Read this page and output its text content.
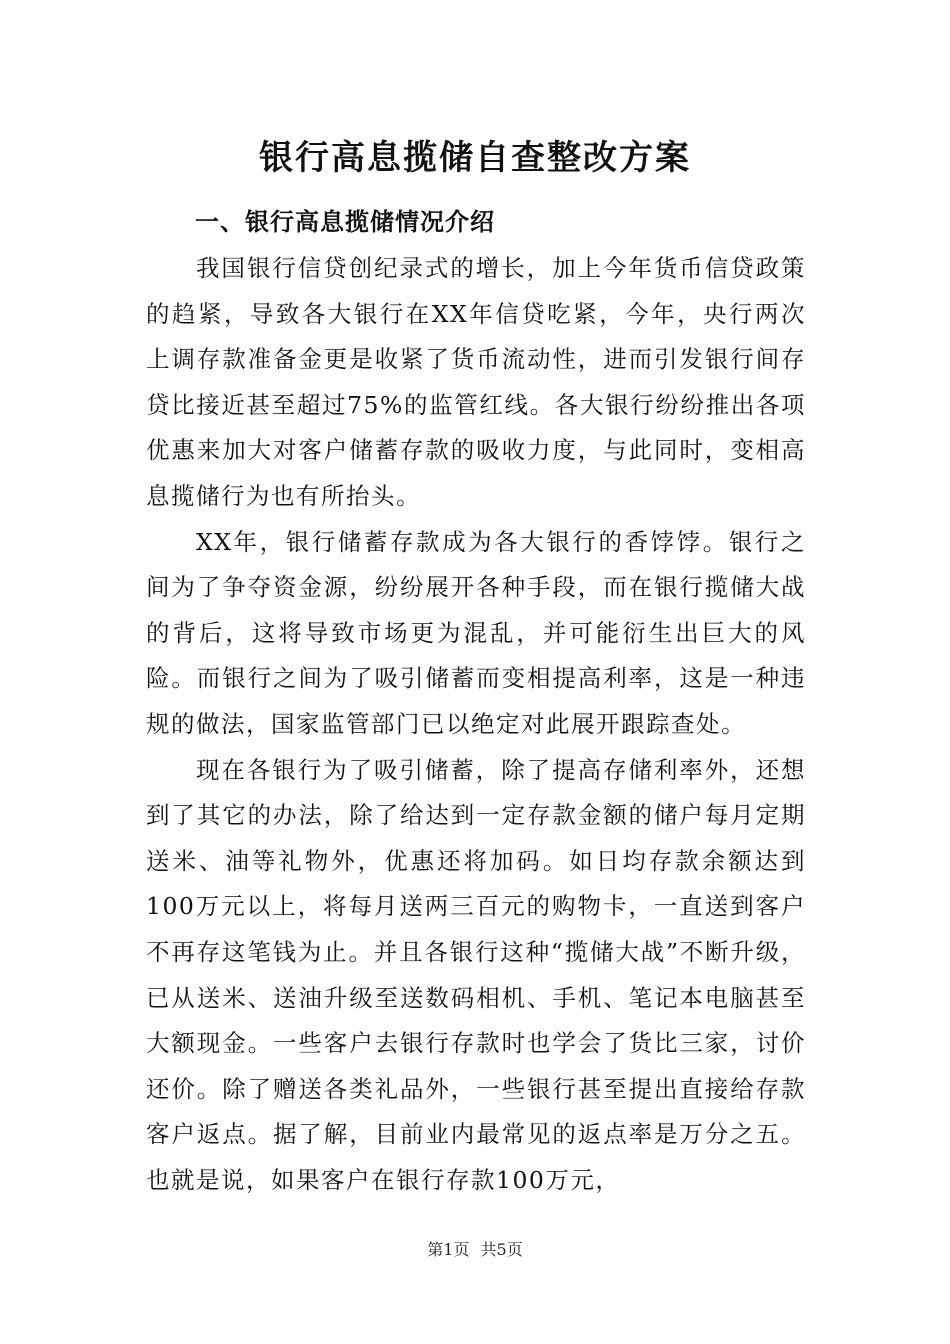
银行高息揽储自查整改方案
一、银行高息揽储情况介绍

我国银行信贷创纪录式的增长，加上今年货币信贷政策的趋紧，导致各大银行在XX年信贷吃紧，今年，央行两次上调存款准备金更是收紧了货币流动性，进而引发银行间存贷比接近甚至超过75%的监管红线。各大银行纷纷推出各项优惠来加大对客户储蓄存款的吸收力度，与此同时，变相高息揽储行为也有所抬头。

XX年，银行储蓄存款成为各大银行的香饽饽。银行之间为了争夺资金源，纷纷展开各种手段，而在银行揽储大战的背后，这将导致市场更为混乱，并可能衍生出巨大的风险。而银行之间为了吸引储蓄而变相提高利率，这是一种违规的做法，国家监管部门已以绝定对此展开跟踪查处。

现在各银行为了吸引储蓄，除了提高存储利率外，还想到了其它的办法，除了给达到一定存款金额的储户每月定期送米、油等礼物外，优惠还将加码。如日均存款余额达到100万元以上，将每月送两三百元的购物卡，一直送到客户不再存这笔钱为止。并且各银行这种“揽储大战”不断升级，已从送米、送油升级至送数码相机、手机、笔记本电脑甚至大额现金。一些客户去银行存款时也学会了货比三家，讨价还价。除了赠送各类礼品外，一些银行甚至提出直接给存款客户返点。据了解，目前业内最常见的返点率是万分之五。也就是说，如果客户在银行存款100万元，

第1页 共5页
